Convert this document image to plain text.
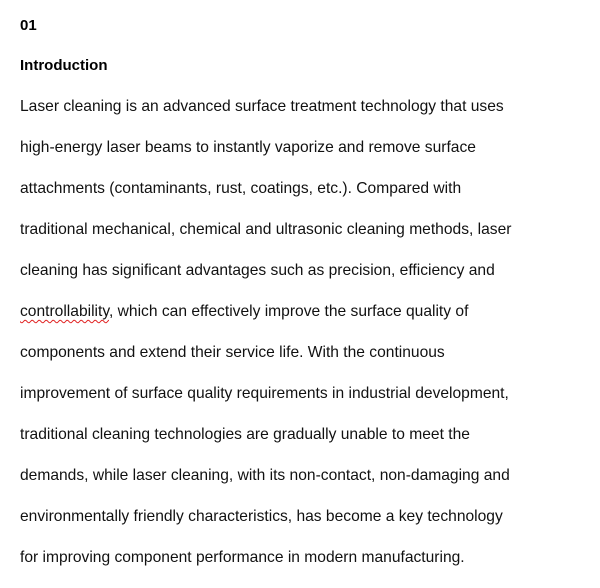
01

Introduction

Laser cleaning is an advanced surface treatment technology that uses
high-energy laser beams to instantly vaporize and remove surface
attachments (contaminants, rust, coatings, etc.). Compared with
traditional mechanical, chemical and ultrasonic cleaning methods, laser
cleaning has significant advantages such as precision, efficiency and
controllability, which can effectively improve the surface quality of
components and extend their service life. With the continuous
improvement of surface quality requirements in industrial development,
traditional cleaning technologies are gradually unable to meet the
demands, while laser cleaning, with its non-contact, non-damaging and
environmentally friendly characteristics, has become a key technology
for improving component performance in modern manufacturing.
